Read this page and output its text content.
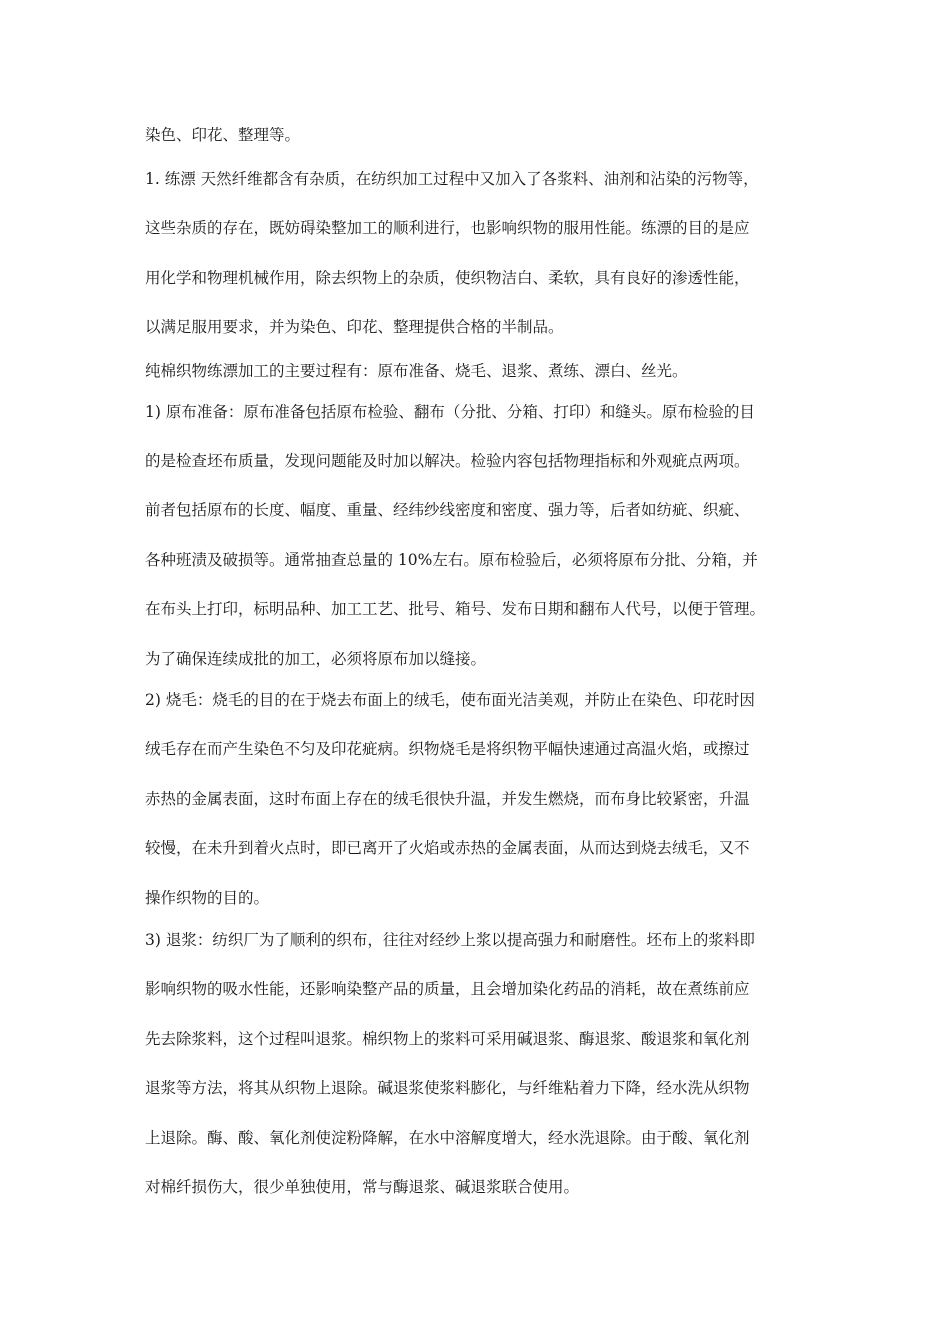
染色、印花、整理等。

1. 练漂 天然纤维都含有杂质，在纺织加工过程中又加入了各浆料、油剂和沾染的污物等，

这些杂质的存在，既妨碍染整加工的顺利进行，也影响织物的服用性能。练漂的目的是应

用化学和物理机械作用，除去织物上的杂质，使织物洁白、柔软，具有良好的渗透性能，

以满足服用要求，并为染色、印花、整理提供合格的半制品。

纯棉织物练漂加工的主要过程有：原布准备、烧毛、退浆、煮练、漂白、丝光。

1) 原布准备：原布准备包括原布检验、翻布（分批、分箱、打印）和缝头。原布检验的目

的是检查坯布质量，发现问题能及时加以解决。检验内容包括物理指标和外观疵点两项。

前者包括原布的长度、幅度、重量、经纬纱线密度和密度、强力等，后者如纺疵、织疵、

各种班渍及破损等。通常抽查总量的 10%左右。原布检验后，必须将原布分批、分箱，并

在布头上打印，标明品种、加工工艺、批号、箱号、发布日期和翻布人代号，以便于管理。

为了确保连续成批的加工，必须将原布加以缝接。

2) 烧毛：烧毛的目的在于烧去布面上的绒毛，使布面光洁美观，并防止在染色、印花时因

绒毛存在而产生染色不匀及印花疵病。织物烧毛是将织物平幅快速通过高温火焰，或擦过

赤热的金属表面，这时布面上存在的绒毛很快升温，并发生燃烧，而布身比较紧密，升温

较慢，在未升到着火点时，即已离开了火焰或赤热的金属表面，从而达到烧去绒毛，又不

操作织物的目的。

3) 退浆：纺织厂为了顺利的织布，往往对经纱上浆以提高强力和耐磨性。坯布上的浆料即

影响织物的吸水性能，还影响染整产品的质量，且会增加染化药品的消耗，故在煮练前应

先去除浆料，这个过程叫退浆。棉织物上的浆料可采用碱退浆、酶退浆、酸退浆和氧化剂

退浆等方法，将其从织物上退除。碱退浆使浆料膨化，与纤维粘着力下降，经水洗从织物

上退除。酶、酸、氧化剂使淀粉降解，在水中溶解度增大，经水洗退除。由于酸、氧化剂

对棉纤损伤大，很少单独使用，常与酶退浆、碱退浆联合使用。
